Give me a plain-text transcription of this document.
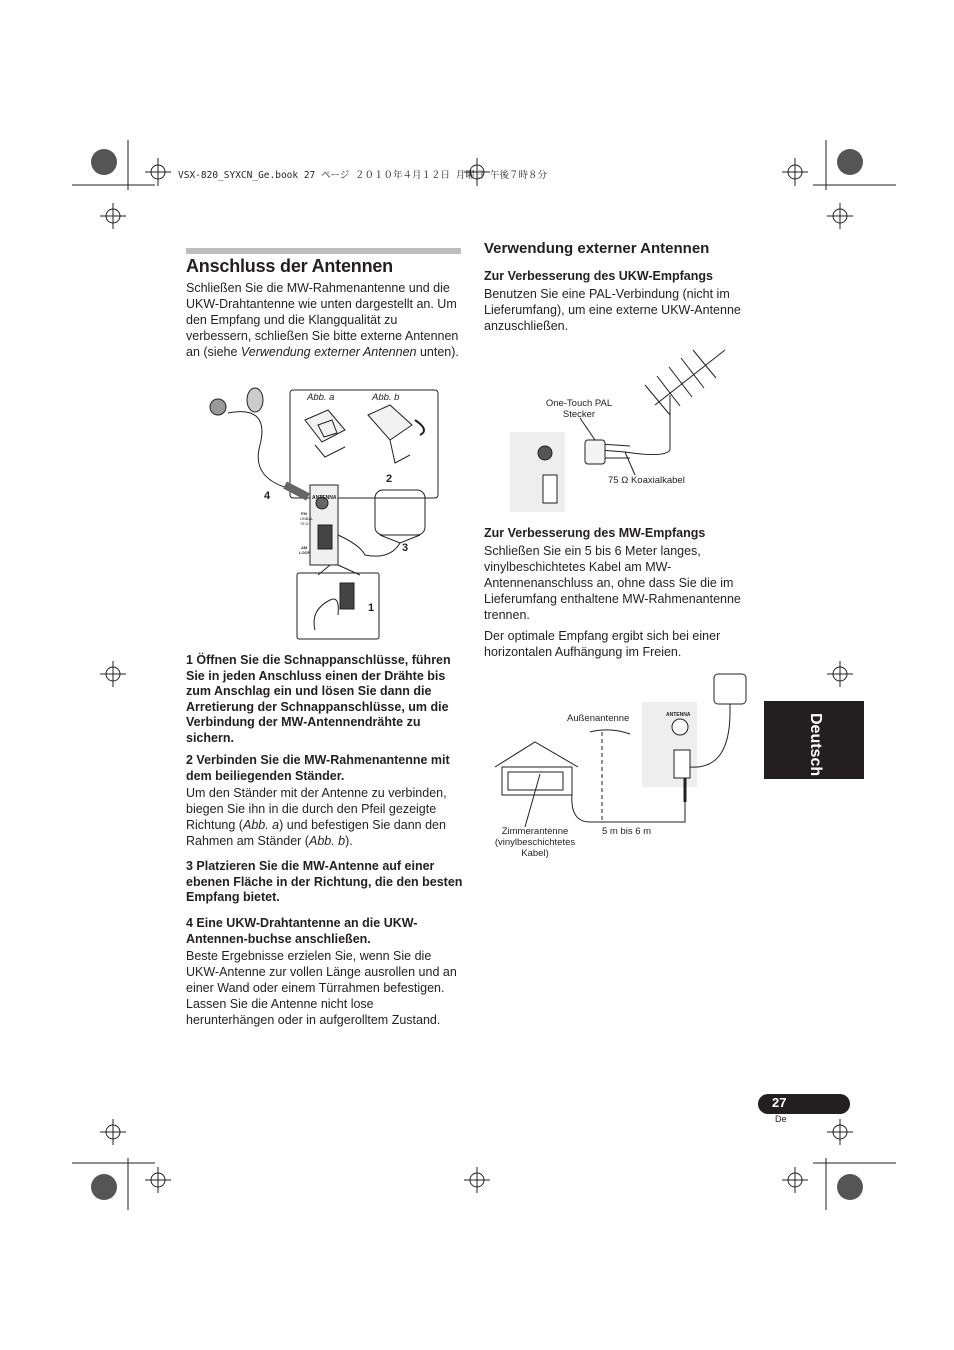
VSX-820_SYXCN_Ge.book 27 ページ ２０１０年４月１２日 月曜日 午後７時８分
Anschluss der Antennen
Schließen Sie die MW-Rahmenantenne und die UKW-Drahtantenne wie unten dargestellt an. Um den Empfang und die Klangqualität zu verbessern, schließen Sie bitte externe Antennen an (siehe Verwendung externer Antennen unten).
Abb. a	Abb. b
2
4
3
1
ANTENNA
FM
UNBAL
75 Ω
AM
LOOP
1 Öffnen Sie die Schnappanschlüsse, führen Sie in jeden Anschluss einen der Drähte bis zum Anschlag ein und lösen Sie dann die Arretierung der Schnappanschlüsse, um die Verbindung der MW-Antennendrähte zu sichern.
2 Verbinden Sie die MW-Rahmenantenne mit dem beiliegenden Ständer.
Um den Ständer mit der Antenne zu verbinden, biegen Sie ihn in die durch den Pfeil gezeigte Richtung (Abb. a) und befestigen Sie dann den Rahmen am Ständer (Abb. b).
3 Platzieren Sie die MW-Antenne auf einer ebenen Fläche in der Richtung, die den besten Empfang bietet.
4 Eine UKW-Drahtantenne an die UKW-Antennen-buchse anschließen.
Beste Ergebnisse erzielen Sie, wenn Sie die UKW-Antenne zur vollen Länge ausrollen und an einer Wand oder einem Türrahmen befestigen. Lassen Sie die Antenne nicht lose herunterhängen oder in aufgerolltem Zustand.
Verwendung externer Antennen
Zur Verbesserung des UKW-Empfangs
Benutzen Sie eine PAL-Verbindung (nicht im Lieferumfang), um eine externe UKW-Antenne anzuschließen.
One-Touch PAL Stecker
75 Ω Koaxialkabel
Zur Verbesserung des MW-Empfangs
Schließen Sie ein 5 bis 6 Meter langes, vinylbeschichtetes Kabel am MW-Antennenanschluss an, ohne dass Sie die im Lieferumfang enthaltene MW-Rahmenantenne trennen.
Der optimale Empfang ergibt sich bei einer horizontalen Aufhängung im Freien.
Außenantenne
Zimmerantenne (vinylbeschichtetes Kabel)
5 m bis 6 m
ANTENNA	Deutsch
27
De
